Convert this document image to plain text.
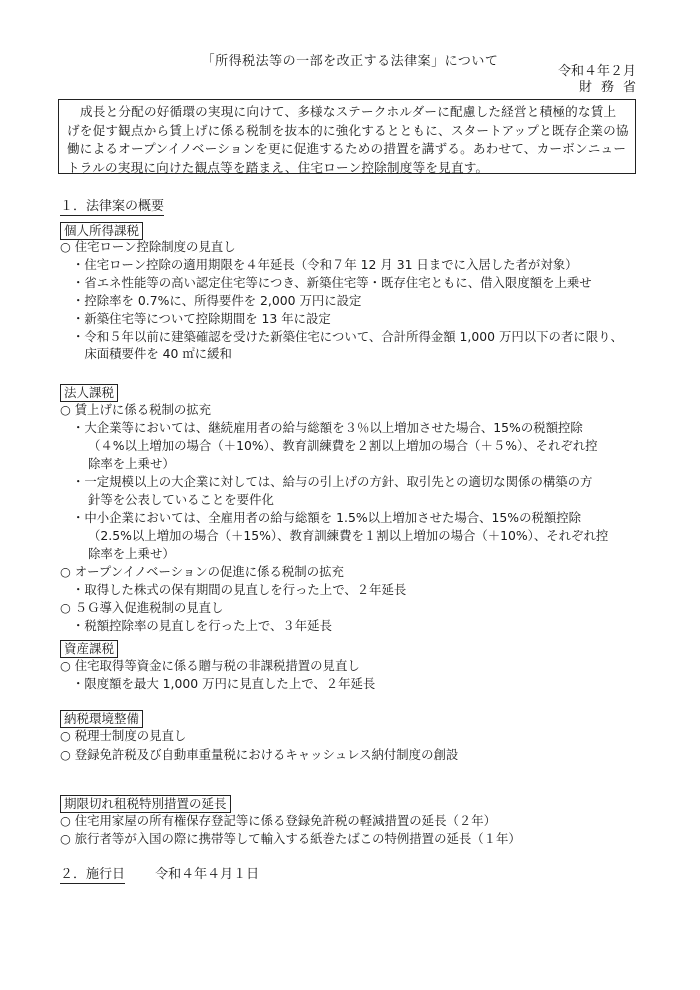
「所得税法等の一部を改正する法律案」について
令和４年２月
財務省
成長と分配の好循環の実現に向けて、多様なステークホルダーに配慮した経営と積極的な賃上げを促す観点から賃上げに係る税制を抜本的に強化するとともに、スタートアップと既存企業の協働によるオープンイノベーションを更に促進するための措置を講ずる。あわせて、カーボンニュートラルの実現に向けた観点等を踏まえ、住宅ローン控除制度等を見直す。
１．法律案の概要
個人所得課税
○ 住宅ローン控除制度の見直し
・住宅ローン控除の適用期限を４年延長（令和７年 12 月 31 日までに入居した者が対象）
・省エネ性能等の高い認定住宅等につき、新築住宅等・既存住宅ともに、借入限度額を上乗せ
・控除率を 0.7%に、所得要件を 2,000 万円に設定
・新築住宅等について控除期間を 13 年に設定
・令和５年以前に建築確認を受けた新築住宅について、合計所得金額 1,000 万円以下の者に限り、
　床面積要件を 40 ㎡に緩和
法人課税
○ 賃上げに係る税制の拡充
・大企業等においては、継続雇用者の給与総額を３％以上増加させた場合、15%の税額控除
（４%以上増加の場合（＋10%）、教育訓練費を２割以上増加の場合（＋５%）、それぞれ控
除率を上乗せ）
・一定規模以上の大企業に対しては、給与の引上げの方針、取引先との適切な関係の構築の方
針等を公表していることを要件化
・中小企業においては、全雇用者の給与総額を 1.5%以上増加させた場合、15%の税額控除
（2.5%以上増加の場合（＋15%）、教育訓練費を１割以上増加の場合（＋10%）、それぞれ控
除率を上乗せ）
○ オープンイノベーションの促進に係る税制の拡充
・取得した株式の保有期間の見直しを行った上で、２年延長
○ ５Ｇ導入促進税制の見直し
・税額控除率の見直しを行った上で、３年延長
資産課税
○ 住宅取得等資金に係る贈与税の非課税措置の見直し
・限度額を最大 1,000 万円に見直した上で、２年延長
納税環境整備
○ 税理士制度の見直し
○ 登録免許税及び自動車重量税におけるキャッシュレス納付制度の創設
期限切れ租税特別措置の延長
○ 住宅用家屋の所有権保存登記等に係る登録免許税の軽減措置の延長（２年）
○ 旅行者等が入国の際に携帯等して輸入する紙巻たばこの特例措置の延長（１年）
２．施行日 令和４年４月１日
